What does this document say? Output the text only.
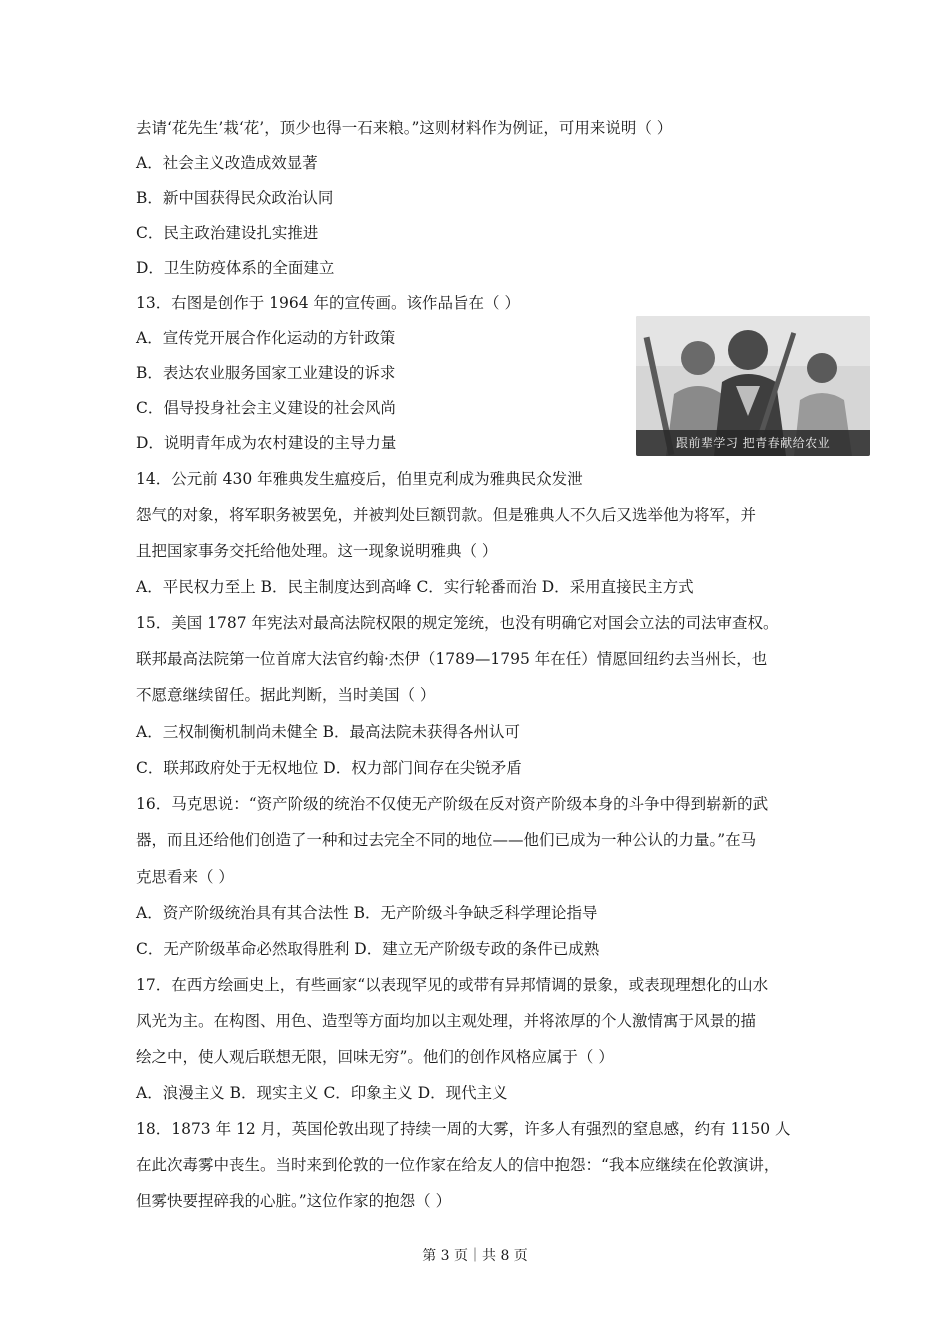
去请‘花先生’栽‘花’，顶少也得一石来粮。”这则材料作为例证，可用来说明（ ）
A．社会主义改造成效显著
B．新中国获得民众政治认同
C．民主政治建设扎实推进
D．卫生防疫体系的全面建立
13．右图是创作于 1964 年的宣传画。该作品旨在（ ）
A．宣传党开展合作化运动的方针政策
B．表达农业服务国家工业建设的诉求
C．倡导投身社会主义建设的社会风尚
D．说明青年成为农村建设的主导力量
14．公元前 430 年雅典发生瘟疫后，伯里克利成为雅典民众发泄
怨气的对象，将军职务被罢免，并被判处巨额罚款。但是雅典人不久后又选举他为将军，并
且把国家事务交托给他处理。这一现象说明雅典（ ）
A．平民权力至上 B．民主制度达到高峰 C．实行轮番而治 D．采用直接民主方式
15．美国 1787 年宪法对最高法院权限的规定笼统，也没有明确它对国会立法的司法审查权。
联邦最高法院第一位首席大法官约翰·杰伊（1789—1795 年在任）情愿回纽约去当州长，也
不愿意继续留任。据此判断，当时美国（ ）
A．三权制衡机制尚未健全 B．最高法院未获得各州认可
C．联邦政府处于无权地位 D．权力部门间存在尖锐矛盾
16．马克思说：“资产阶级的统治不仅使无产阶级在反对资产阶级本身的斗争中得到崭新的武
器，而且还给他们创造了一种和过去完全不同的地位——他们已成为一种公认的力量。”在马
克思看来（ ）
A．资产阶级统治具有其合法性 B．无产阶级斗争缺乏科学理论指导
C．无产阶级革命必然取得胜利 D．建立无产阶级专政的条件已成熟
17．在西方绘画史上，有些画家“以表现罕见的或带有异邦情调的景象，或表现理想化的山水
风光为主。在构图、用色、造型等方面均加以主观处理，并将浓厚的个人激情寓于风景的描
绘之中，使人观后联想无限，回味无穷”。他们的创作风格应属于（ ）
A．浪漫主义 B．现实主义 C．印象主义 D．现代主义
18．1873 年 12 月，英国伦敦出现了持续一周的大雾，许多人有强烈的窒息感，约有 1150 人
在此次毒雾中丧生。当时来到伦敦的一位作家在给友人的信中抱怨：“我本应继续在伦敦演讲，
但雾快要捏碎我的心脏。”这位作家的抱怨（ ）
跟前辈学习 把青春献给农业
第 3 页｜共 8 页
